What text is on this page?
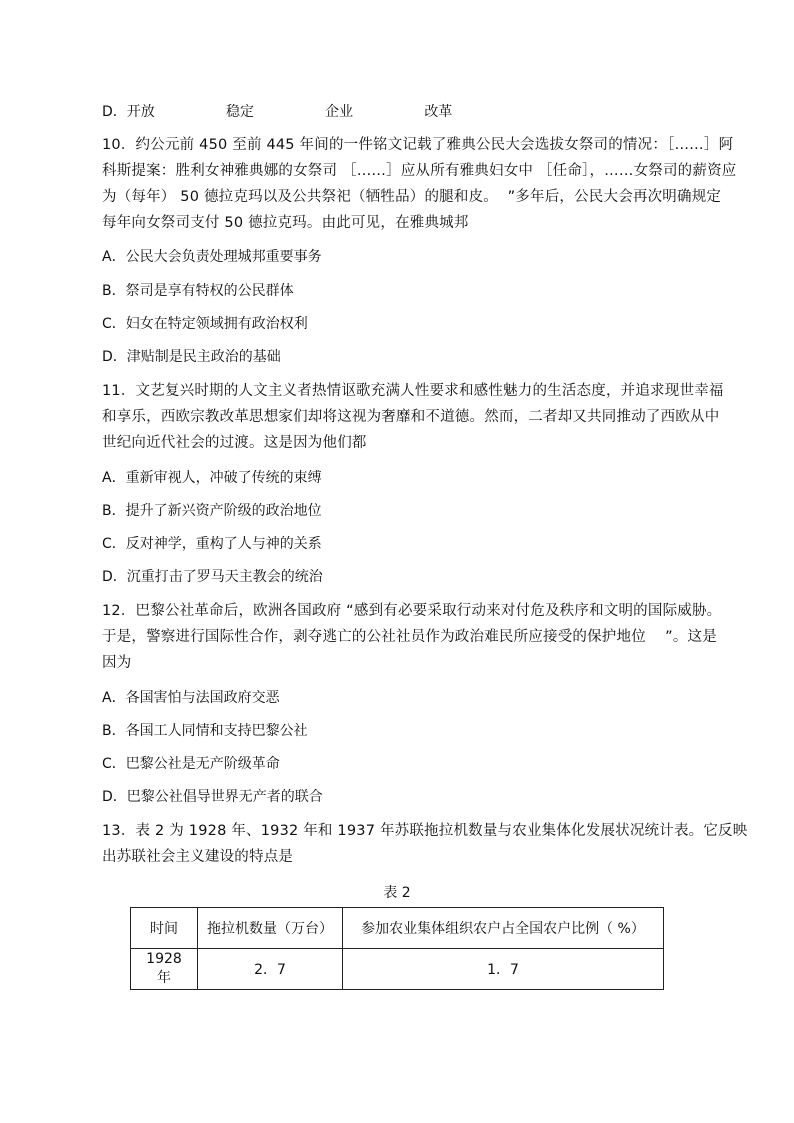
D．开放                稳定                企业                改革
10．约公元前 450 至前 445 年间的一件铭文记载了雅典公民大会选拔女祭司的情况：［……］阿
科斯提案：胜利女神雅典娜的女祭司 ［……］应从所有雅典妇女中 ［任命］，……女祭司的薪资应
为（每年） 50 德拉克玛以及公共祭祀（牺牲品）的腿和皮。  ”多年后，公民大会再次明确规定
每年向女祭司支付 50 德拉克玛。由此可见，在雅典城邦
A．公民大会负责处理城邦重要事务
B．祭司是享有特权的公民群体
C．妇女在特定领域拥有政治权利
D．津贴制是民主政治的基础
11．文艺复兴时期的人文主义者热情讴歌充满人性要求和感性魅力的生活态度，并追求现世幸福
和享乐，西欧宗教改革思想家们却将这视为奢靡和不道德。然而，二者却又共同推动了西欧从中
世纪向近代社会的过渡。这是因为他们都
A．重新审视人，冲破了传统的束缚
B．提升了新兴资产阶级的政治地位
C．反对神学，重构了人与神的关系
D．沉重打击了罗马天主教会的统治
12．巴黎公社革命后，欧洲各国政府 “感到有必要采取行动来对付危及秩序和文明的国际威胁。
于是，警察进行国际性合作，剥夺逃亡的公社社员作为政治难民所应接受的保护地位    ”。这是
因为
A．各国害怕与法国政府交恶
B．各国工人同情和支持巴黎公社
C．巴黎公社是无产阶级革命
D．巴黎公社倡导世界无产者的联合
13．表 2 为 1928 年、1932 年和 1937 年苏联拖拉机数量与农业集体化发展状况统计表。它反映
出苏联社会主义建设的特点是
表 2
时间	拖拉机数量（万台）	参加农业集体组织农户占全国农户比例（ %）
1928 年	2．7	1．7
